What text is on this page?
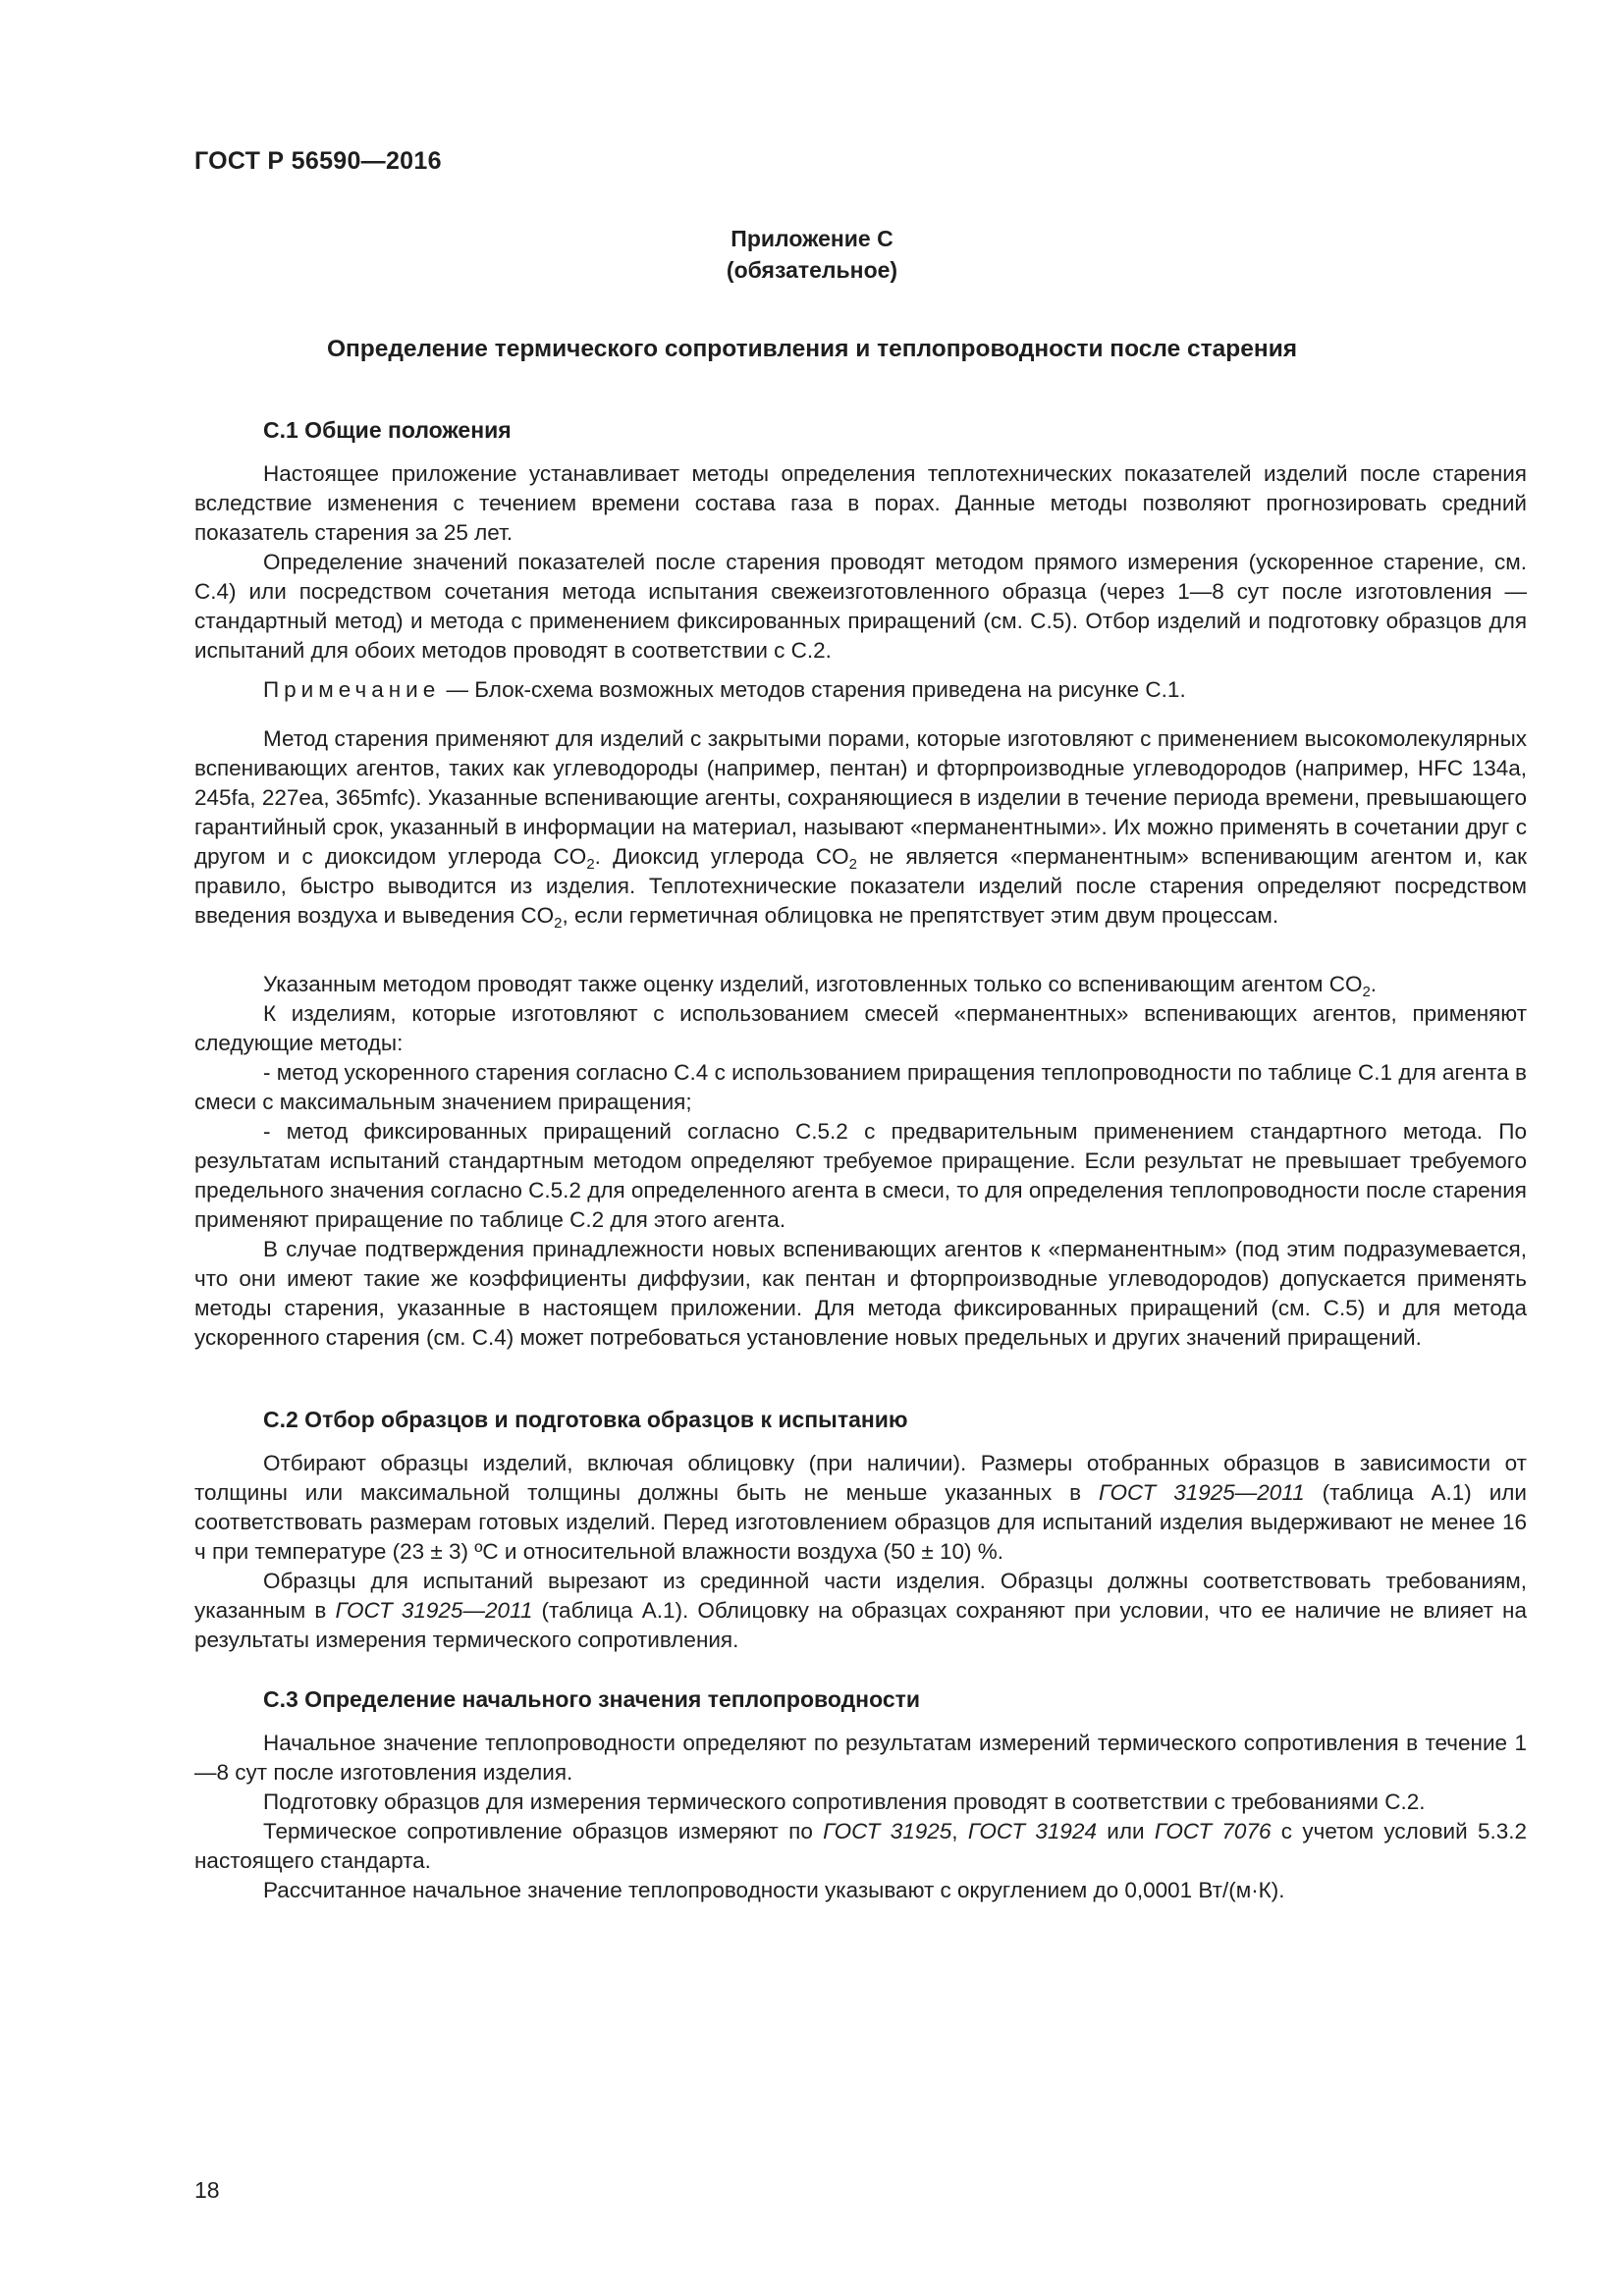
ГОСТ Р 56590—2016
Приложение С
(обязательное)
Определение термического сопротивления и теплопроводности после старения
С.1 Общие положения

Настоящее приложение устанавливает методы определения теплотехнических показателей изделий после старения вследствие изменения с течением времени состава газа в порах. Данные методы позволяют прогнозировать средний показатель старения за 25 лет.

Определение значений показателей после старения проводят методом прямого измерения (ускоренное старение, см. С.4) или посредством сочетания метода испытания свежеизготовленного образца (через 1—8 сут после изготовления — стандартный метод) и метода с применением фиксированных приращений (см. С.5). Отбор изделий и подготовку образцов для испытаний для обоих методов проводят в соответствии с С.2.

Примечание — Блок-схема возможных методов старения приведена на рисунке С.1.

Метод старения применяют для изделий с закрытыми порами, которые изготовляют с применением высокомолекулярных вспенивающих агентов, таких как углеводороды (например, пентан) и фторпроизводные углеводородов (например, HFC 134a, 245fa, 227ea, 365mfc). Указанные вспенивающие агенты, сохраняющиеся в изделии в течение периода времени, превышающего гарантийный срок, указанный в информации на материал, называют «перманентными». Их можно применять в сочетании друг с другом и с диоксидом углерода $CO_2$. Диоксид углерода $CO_2$ не является «перманентным» вспенивающим агентом и, как правило, быстро выводится из изделия. Теплотехнические показатели изделий после старения определяют посредством введения воздуха и выведения $CO_2$, если герметичная облицовка не препятствует этим двум процессам.

Указанным методом проводят также оценку изделий, изготовленных только со вспенивающим агентом $CO_2$.

К изделиям, которые изготовляют с использованием смесей «перманентных» вспенивающих агентов, применяют следующие методы:

- метод ускоренного старения согласно С.4 с использованием приращения теплопроводности по таблице С.1 для агента в смеси с максимальным значением приращения;

- метод фиксированных приращений согласно С.5.2 с предварительным применением стандартного метода. По результатам испытаний стандартным методом определяют требуемое приращение. Если результат не превышает требуемого предельного значения согласно С.5.2 для определенного агента в смеси, то для определения теплопроводности после старения применяют приращение по таблице С.2 для этого агента.

В случае подтверждения принадлежности новых вспенивающих агентов к «перманентным» (под этим подразумевается, что они имеют такие же коэффициенты диффузии, как пентан и фторпроизводные углеводородов) допускается применять методы старения, указанные в настоящем приложении. Для метода фиксированных приращений (см. С.5) и для метода ускоренного старения (см. С.4) может потребоваться установление новых предельных и других значений приращений.

С.2 Отбор образцов и подготовка образцов к испытанию

Отбирают образцы изделий, включая облицовку (при наличии). Размеры отобранных образцов в зависимости от толщины или максимальной толщины должны быть не меньше указанных в ГОСТ 31925—2011 (таблица А.1) или соответствовать размерам готовых изделий. Перед изготовлением образцов для испытаний изделия выдерживают не менее 16 ч при температуре (23 ± 3) ºС и относительной влажности воздуха (50 ± 10) %.

Образцы для испытаний вырезают из срединной части изделия. Образцы должны соответствовать требованиям, указанным в ГОСТ 31925—2011 (таблица А.1). Облицовку на образцах сохраняют при условии, что ее наличие не влияет на результаты измерения термического сопротивления.

С.3 Определение начального значения теплопроводности

Начальное значение теплопроводности определяют по результатам измерений термического сопротивления в течение 1—8 сут после изготовления изделия.

Подготовку образцов для измерения термического сопротивления проводят в соответствии с требованиями С.2.

Термическое сопротивление образцов измеряют по ГОСТ 31925, ГОСТ 31924 или ГОСТ 7076 с учетом условий 5.3.2 настоящего стандарта.

Рассчитанное начальное значение теплопроводности указывают с округлением до 0,0001 Вт/(м·К).

18
